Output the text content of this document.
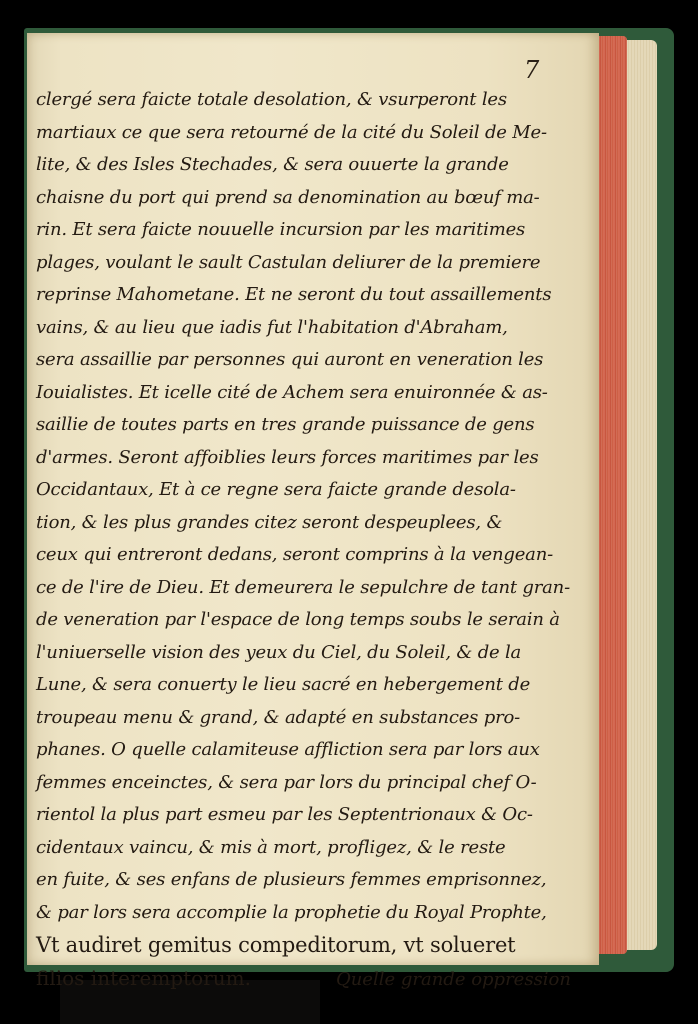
7
clergé sera faicte totale desolation, & vsurperont les
martiaux ce que sera retourné de la cité du Soleil de Me-
lite, & des Isles Stechades, & sera ouuerte la grande
chaisne du port qui prend sa denomination au bœuf ma-
rin. Et sera faicte nouuelle incursion par les maritimes
plages, voulant le sault Castulan deliurer de la premiere
reprinse Mahometane. Et ne seront du tout assaillements
vains, & au lieu que iadis fut l'habitation d'Abraham,
sera assaillie par personnes qui auront en veneration les
Iouialistes. Et icelle cité de Achem sera enuironnée & as-
saillie de toutes parts en tres grande puissance de gens
d'armes. Seront affoiblies leurs forces maritimes par les
Occidantaux, Et à ce regne sera faicte grande desola-
tion, & les plus grandes citez seront despeuplees, &
ceux qui entreront dedans, seront comprins à la vengean-
ce de l'ire de Dieu. Et demeurera le sepulchre de tant gran-
de veneration par l'espace de long temps soubs le serain à
l'uniuerselle vision des yeux du Ciel, du Soleil, & de la
Lune, & sera conuerty le lieu sacré en hebergement de
troupeau menu & grand, & adapté en substances pro-
phanes. O quelle calamiteuse affliction sera par lors aux
femmes enceinctes, & sera par lors du principal chef O-
rientol la plus part esmeu par les Septentrionaux & Oc-
cidentaux vaincu, & mis à mort, profligez, & le reste
en fuite, & ses enfans de plusieurs femmes emprisonnez,
& par lors sera accomplie la prophetie du Royal Prophte,
Vt audiret gemitus compeditorum, vt solueret
filios interemptorum.	Quelle grande oppression
